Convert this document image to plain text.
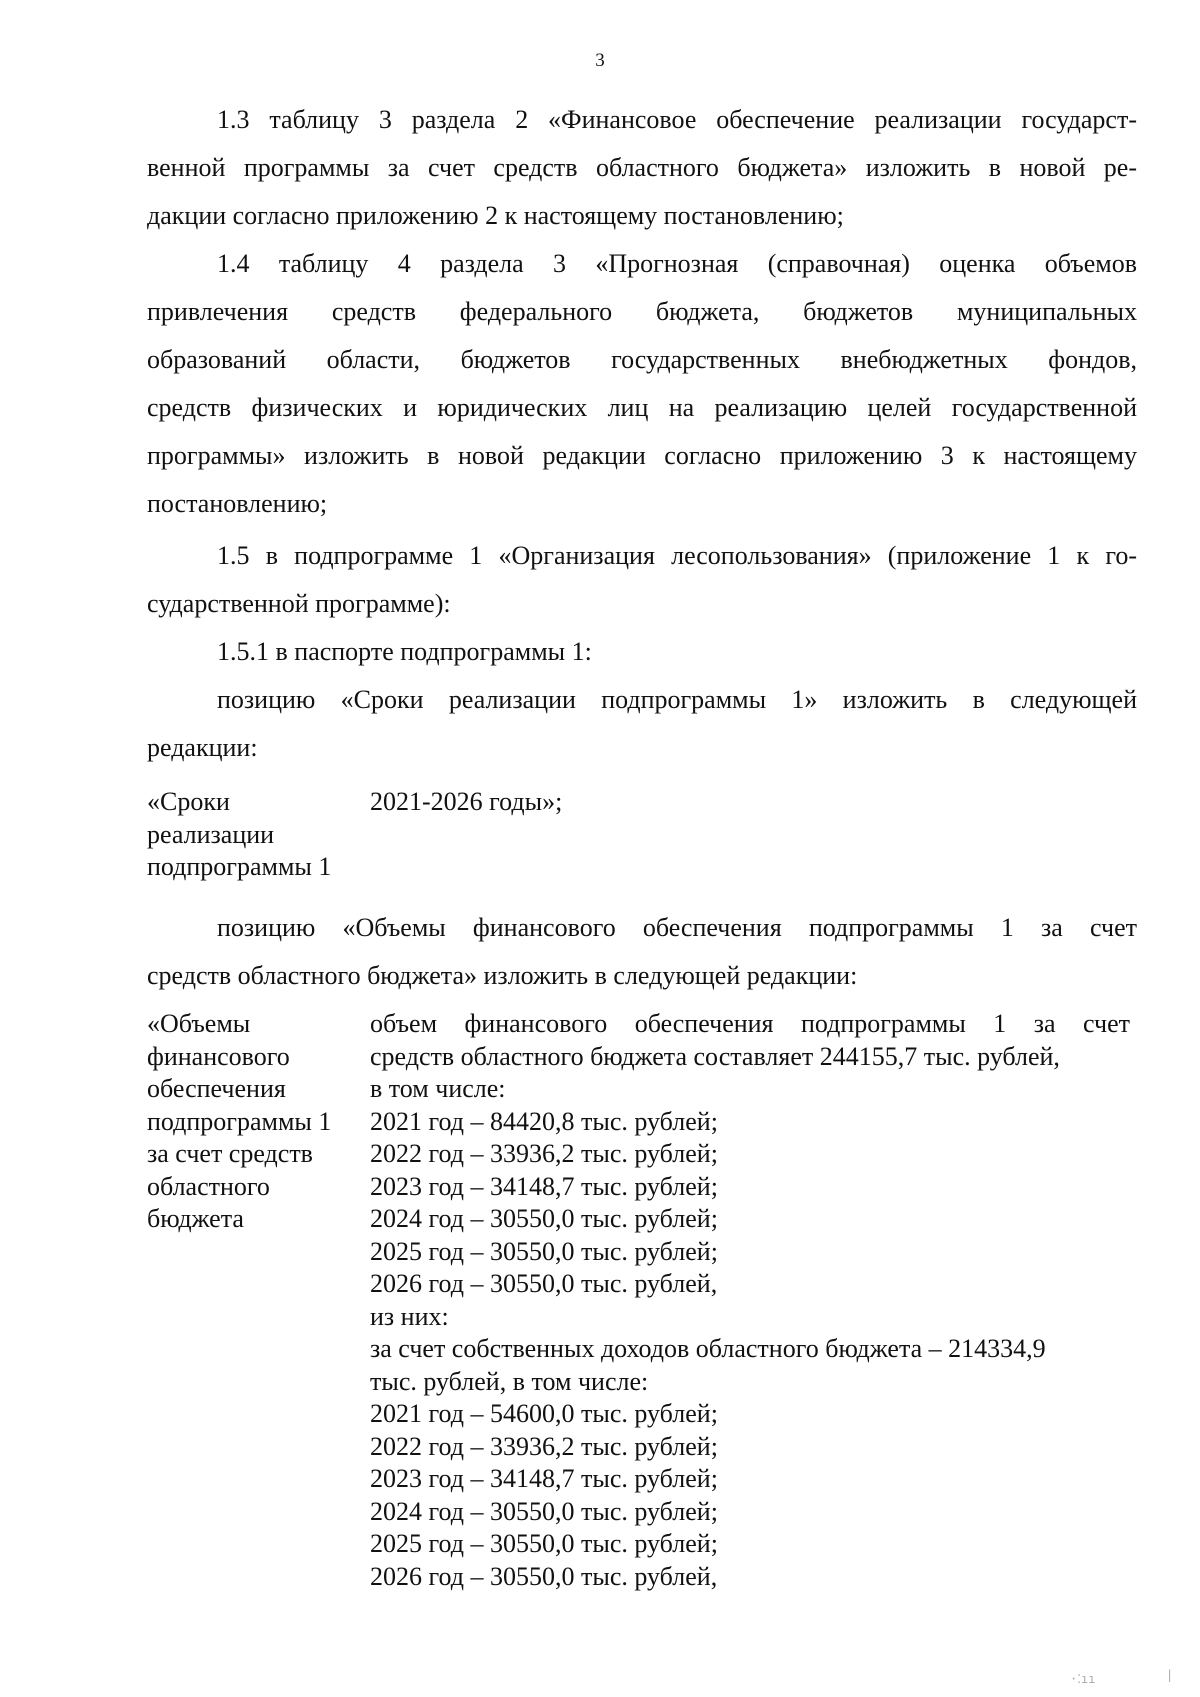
3
1.3 таблицу 3 раздела 2 «Финансовое обеспечение реализации государст-
венной программы за счет средств областного бюджета» изложить в новой ре-
дакции согласно приложению 2 к настоящему постановлению;
1.4 таблицу 4 раздела 3 «Прогнозная (справочная) оценка объемов
привлечения средств федерального бюджета, бюджетов муниципальных
образований области, бюджетов государственных внебюджетных фондов,
средств физических и юридических лиц на реализацию целей государственной
программы» изложить в новой редакции согласно приложению 3 к настоящему
постановлению;
1.5 в подпрограмме 1 «Организация лесопользования» (приложение 1 к го-
сударственной программе):
1.5.1 в паспорте подпрограммы 1:
позицию «Сроки реализации подпрограммы 1» изложить в следующей
редакции:
«Сроки
реализации
подпрограммы 1
2021-2026 годы»;
позицию «Объемы финансового обеспечения подпрограммы 1 за счет
средств областного бюджета» изложить в следующей редакции:
«Объемы
финансового
обеспечения
подпрограммы 1
за счет средств
областного
бюджета
объем финансового обеспечения подпрограммы 1 за счет
средств областного бюджета составляет 244155,7 тыс. рублей,
в том числе:
2021 год – 84420,8 тыс. рублей;
2022 год – 33936,2 тыс. рублей;
2023 год – 34148,7 тыс. рублей;
2024 год – 30550,0 тыс. рублей;
2025 год – 30550,0 тыс. рублей;
2026 год – 30550,0 тыс. рублей,
из них:
за счет собственных доходов областного бюджета – 214334,9
тыс. рублей, в том числе:
2021 год – 54600,0 тыс. рублей;
2022 год – 33936,2 тыс. рублей;
2023 год – 34148,7 тыс. рублей;
2024 год – 30550,0 тыс. рублей;
2025 год – 30550,0 тыс. рублей;
2026 год – 30550,0 тыс. рублей,
·⁚ıı	|
